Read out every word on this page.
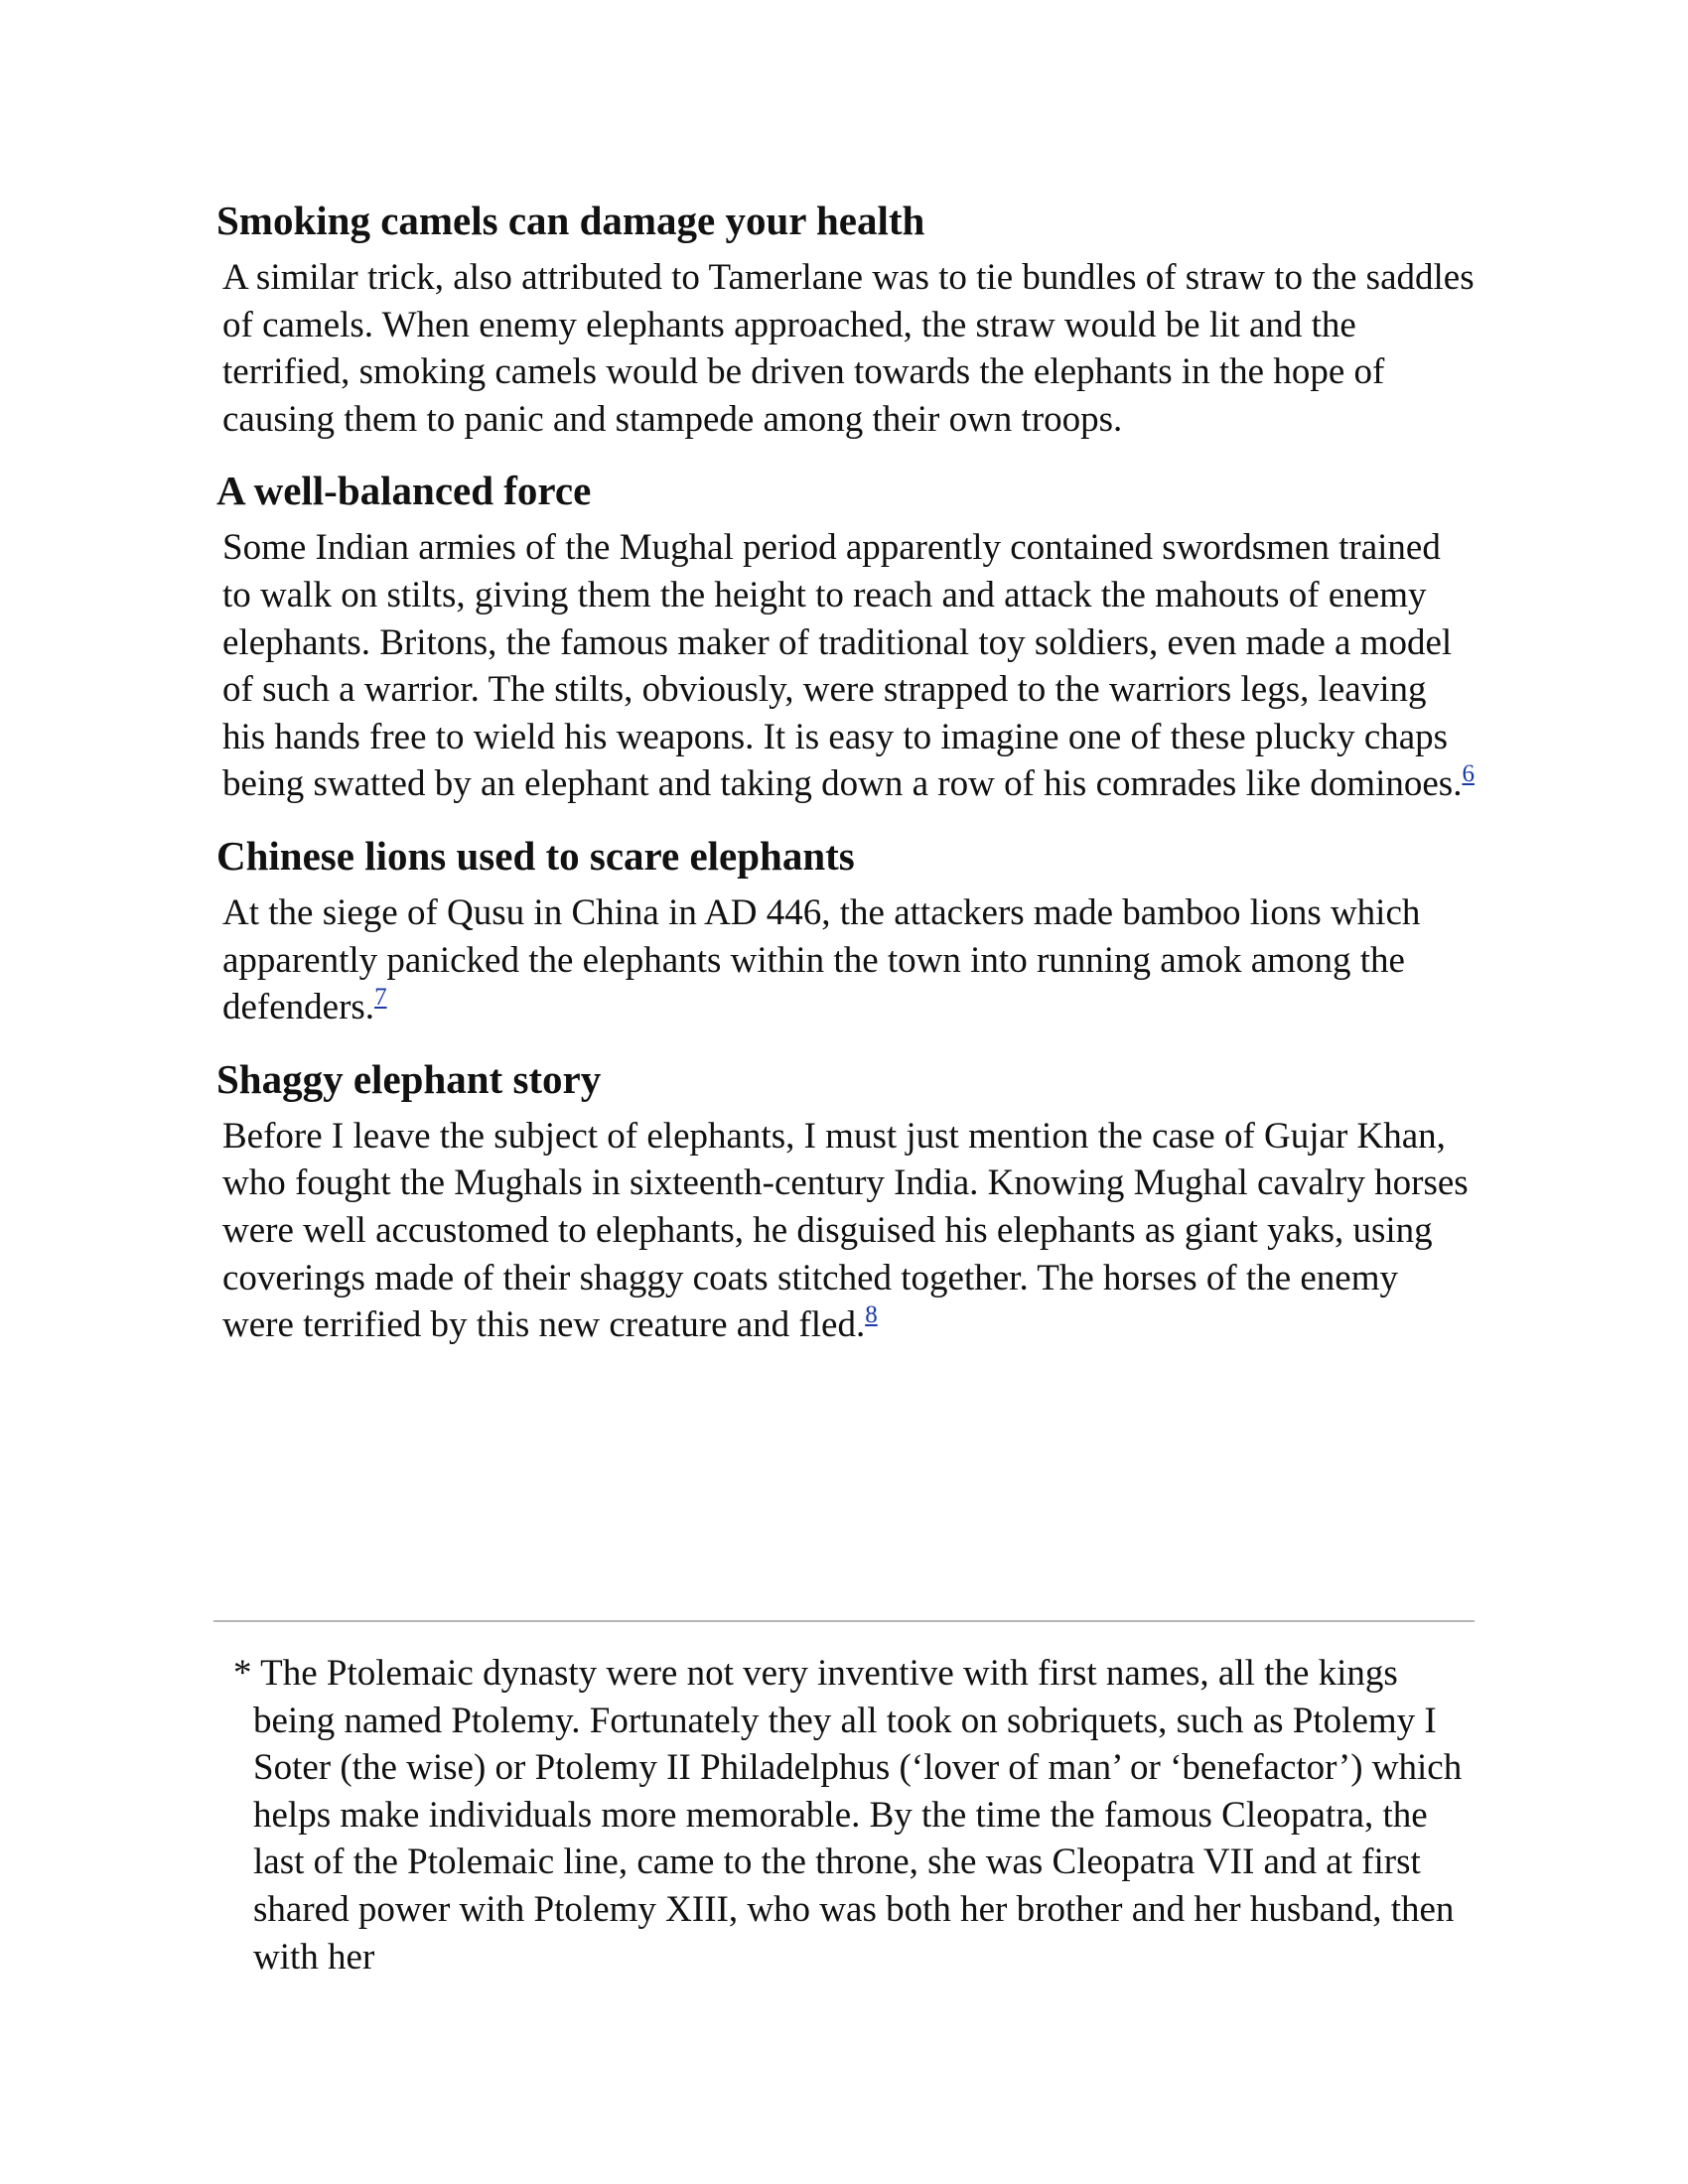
Smoking camels can damage your health

A similar trick, also attributed to Tamerlane was to tie bundles of straw to the saddles of camels. When enemy elephants approached, the straw would be lit and the terrified, smoking camels would be driven towards the elephants in the hope of causing them to panic and stampede among their own troops.

A well-balanced force

Some Indian armies of the Mughal period apparently contained swordsmen trained to walk on stilts, giving them the height to reach and attack the mahouts of enemy elephants. Britons, the famous maker of traditional toy soldiers, even made a model of such a warrior. The stilts, obviously, were strapped to the warriors legs, leaving his hands free to wield his weapons. It is easy to imagine one of these plucky chaps being swatted by an elephant and taking down a row of his comrades like dominoes.$^6$

Chinese lions used to scare elephants

At the siege of Qusu in China in AD 446, the attackers made bamboo lions which apparently panicked the elephants within the town into running amok among the defenders.$^7$

Shaggy elephant story

Before I leave the subject of elephants, I must just mention the case of Gujar Khan, who fought the Mughals in sixteenth-century India. Knowing Mughal cavalry horses were well accustomed to elephants, he disguised his elephants as giant yaks, using coverings made of their shaggy coats stitched together. The horses of the enemy were terrified by this new creature and fled.$^8$

* The Ptolemaic dynasty were not very inventive with first names, all the kings being named Ptolemy. Fortunately they all took on sobriquets, such as Ptolemy I Soter (the wise) or Ptolemy II Philadelphus (‘lover of man’ or ‘benefactor’) which helps make individuals more memorable. By the time the famous Cleopatra, the last of the Ptolemaic line, came to the throne, she was Cleopatra VII and at first shared power with Ptolemy XIII, who was both her brother and her husband, then with her
